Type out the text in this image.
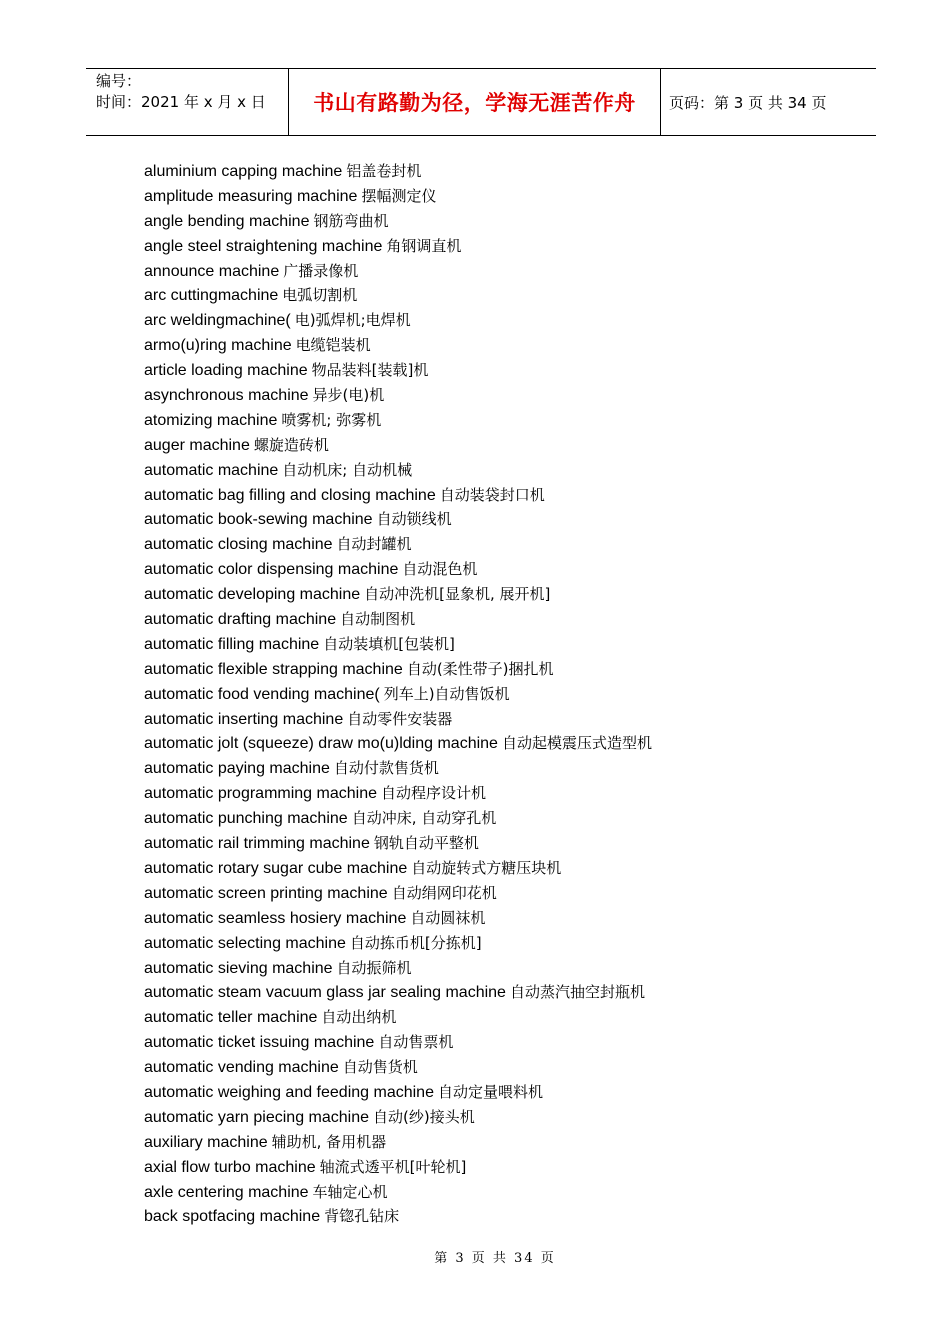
编号：
时间：2021 年 x 月 x 日	书山有路勤为径，学海无涯苦作舟	页码：第 3 页 共 34 页
aluminium capping machine 铝盖卷封机
amplitude measuring machine 摆幅测定仪
angle bending machine 钢筋弯曲机
angle steel straightening machine 角钢调直机
announce machine 广播录像机
arc cuttingmachine 电弧切割机
arc weldingmachine( 电)弧焊机;电焊机
armo(u)ring machine 电缆铠装机
article loading machine 物品装料[装载]机
asynchronous machine 异步(电)机
atomizing machine 喷雾机; 弥雾机
auger machine 螺旋造砖机
automatic machine 自动机床; 自动机械
automatic bag filling and closing machine 自动装袋封口机
automatic book-sewing machine 自动锁线机
automatic closing machine 自动封罐机
automatic color dispensing machine 自动混色机
automatic developing machine 自动冲洗机[显象机, 展开机]
automatic drafting machine 自动制图机
automatic filling machine 自动装填机[包装机]
automatic flexible strapping machine 自动(柔性带子)捆扎机
automatic food vending machine( 列车上)自动售饭机
automatic inserting machine 自动零件安装器
automatic jolt (squeeze) draw mo(u)lding machine 自动起模震压式造型机
automatic paying machine 自动付款售货机
automatic programming machine 自动程序设计机
automatic punching machine 自动冲床, 自动穿孔机
automatic rail trimming machine 钢轨自动平整机
automatic rotary sugar cube machine 自动旋转式方糖压块机
automatic screen printing machine 自动绢网印花机
automatic seamless hosiery machine 自动圆袜机
automatic selecting machine 自动拣币机[分拣机]
automatic sieving machine 自动振筛机
automatic steam vacuum glass jar sealing machine 自动蒸汽抽空封瓶机
automatic teller machine 自动出纳机
automatic ticket issuing machine 自动售票机
automatic vending machine 自动售货机
automatic weighing and feeding machine 自动定量喂料机
automatic yarn piecing machine 自动(纱)接头机
auxiliary machine 辅助机, 备用机器
axial flow turbo machine 轴流式透平机[叶轮机]
axle centering machine 车轴定心机
back spotfacing machine 背锪孔钻床
第 3 页 共 34 页
